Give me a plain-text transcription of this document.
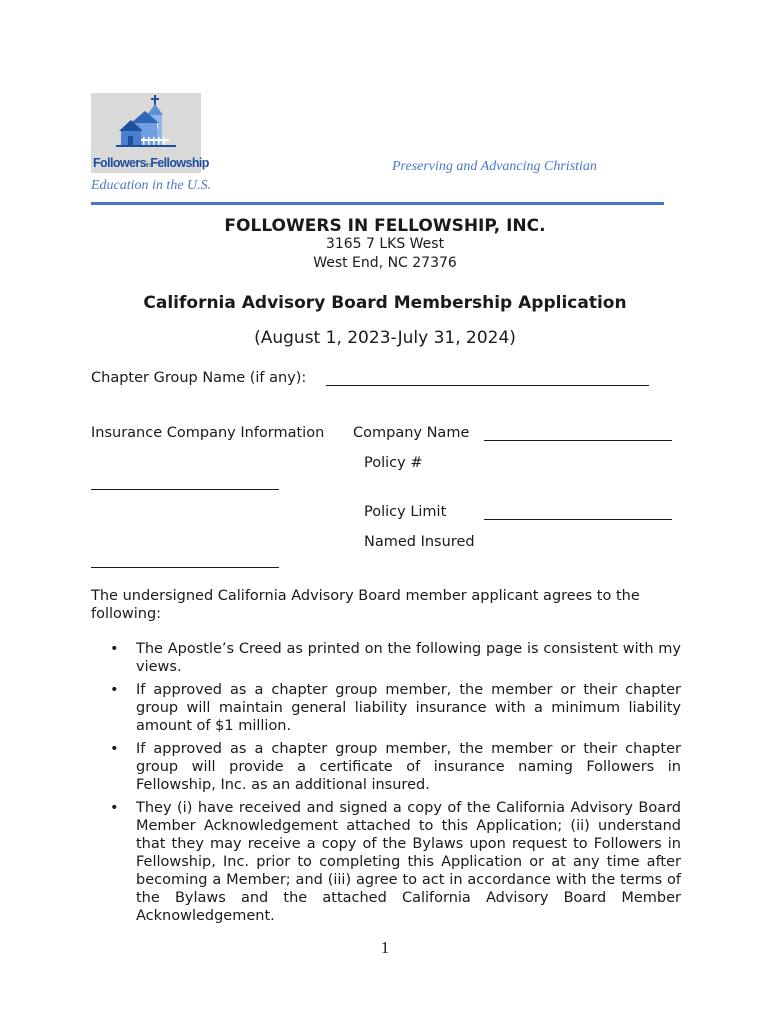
FollowersinFellowship	Preserving and Advancing Christian
Education in the U.S.
FOLLOWERS IN FELLOWSHIP, INC.
3165 7 LKS West
West End, NC 27376
California Advisory Board Membership Application
(August 1, 2023-July 31, 2024)
Chapter Group Name (if any):
Insurance Company Information Company Name
Policy #
Policy Limit
Named Insured
The undersigned California Advisory Board member applicant agrees to the following:
• The Apostle’s Creed as printed on the following page is consistent with my views.
• If approved as a chapter group member, the member or their chapter group will maintain general liability insurance with a minimum liability amount of $1 million.
• If approved as a chapter group member, the member or their chapter group will provide a certificate of insurance naming Followers in Fellowship, Inc. as an additional insured.
• They (i) have received and signed a copy of the California Advisory Board Member Acknowledgement attached to this Application; (ii) understand that they may receive a copy of the Bylaws upon request to Followers in Fellowship, Inc. prior to completing this Application or at any time after becoming a Member; and (iii) agree to act in accordance with the terms of the Bylaws and the attached California Advisory Board Member Acknowledgement.
1
